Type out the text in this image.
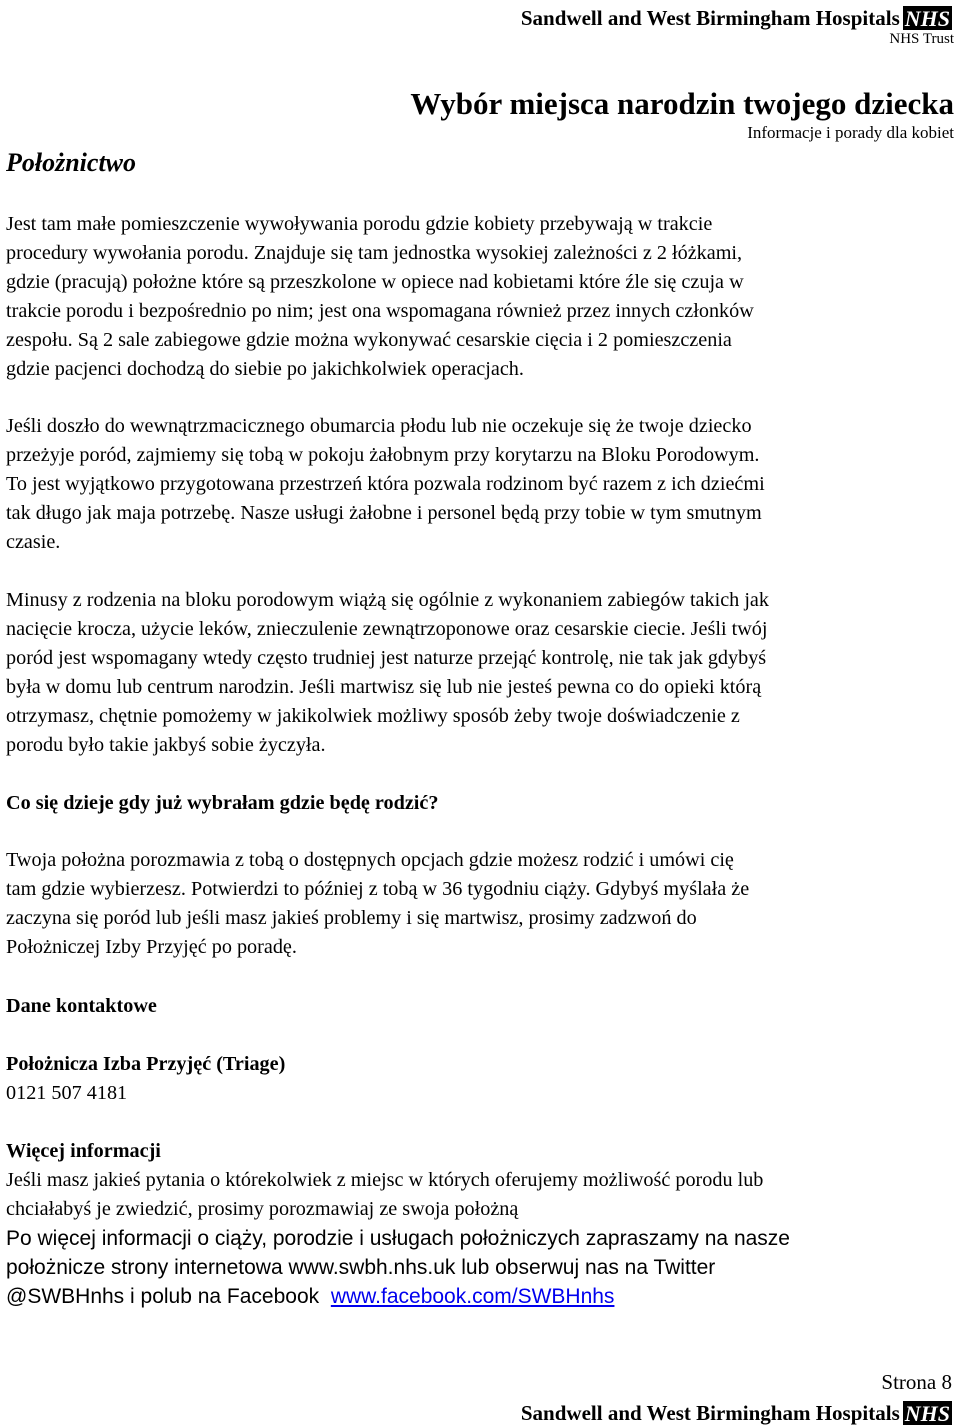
Sandwell and West Birmingham Hospitals NHS
NHS Trust
Wybór miejsca narodzin twojego dziecka
Informacje i porady dla kobiet
Położnictwo

Jest tam małe pomieszczenie wywoływania porodu gdzie kobiety przebywają w trakcie
procedury wywołania porodu. Znajduje się tam jednostka wysokiej zależności z 2 łóżkami,
gdzie (pracują) położne które są przeszkolone w opiece nad kobietami które źle się czuja w
trakcie porodu i bezpośrednio po nim; jest ona wspomagana również przez innych członków
zespołu. Są 2 sale zabiegowe gdzie można wykonywać cesarskie cięcia i 2 pomieszczenia
gdzie pacjenci dochodzą do siebie po jakichkolwiek operacjach.

Jeśli doszło do wewnątrzmacicznego obumarcia płodu lub nie oczekuje się że twoje dziecko
przeżyje poród, zajmiemy się tobą w pokoju żałobnym przy korytarzu na Bloku Porodowym.
To jest wyjątkowo przygotowana przestrzeń która pozwala rodzinom być razem z ich dziećmi
tak długo jak maja potrzebę. Nasze usługi żałobne i personel będą przy tobie w tym smutnym
czasie.

Minusy z rodzenia na bloku porodowym wiążą się ogólnie z wykonaniem zabiegów takich jak
nacięcie krocza, użycie leków, znieczulenie zewnątrzoponowe oraz cesarskie ciecie. Jeśli twój
poród jest wspomagany wtedy często trudniej jest naturze przejąć kontrolę, nie tak jak gdybyś
była w domu lub centrum narodzin. Jeśli martwisz się lub nie jesteś pewna co do opieki którą
otrzymasz, chętnie pomożemy w jakikolwiek możliwy sposób żeby twoje doświadczenie z
porodu było takie jakbyś sobie życzyła.

Co się dzieje gdy już wybrałam gdzie będę rodzić?

Twoja położna porozmawia z tobą o dostępnych opcjach gdzie możesz rodzić i umówi cię
tam gdzie wybierzesz. Potwierdzi to później z tobą w 36 tygodniu ciąży. Gdybyś myślała że
zaczyna się poród lub jeśli masz jakieś problemy i się martwisz, prosimy zadzwoń do
Położniczej Izby Przyjęć po poradę.

Dane kontaktowe

Położnicza Izba Przyjęć (Triage)
0121 507 4181

Więcej informacji
Jeśli masz jakieś pytania o którekolwiek z miejsc w których oferujemy możliwość porodu lub
chciałabyś je zwiedzić, prosimy porozmawiaj ze swoja położną
Po więcej informacji o ciąży, porodzie i usługach położniczych zapraszamy na nasze
położnicze strony internetowa www.swbh.nhs.uk lub obserwuj nas na Twitter
@SWBHnhs i polub na Facebook  www.facebook.com/SWBHnhs

Strona 8
Sandwell and West Birmingham Hospitals NHS
